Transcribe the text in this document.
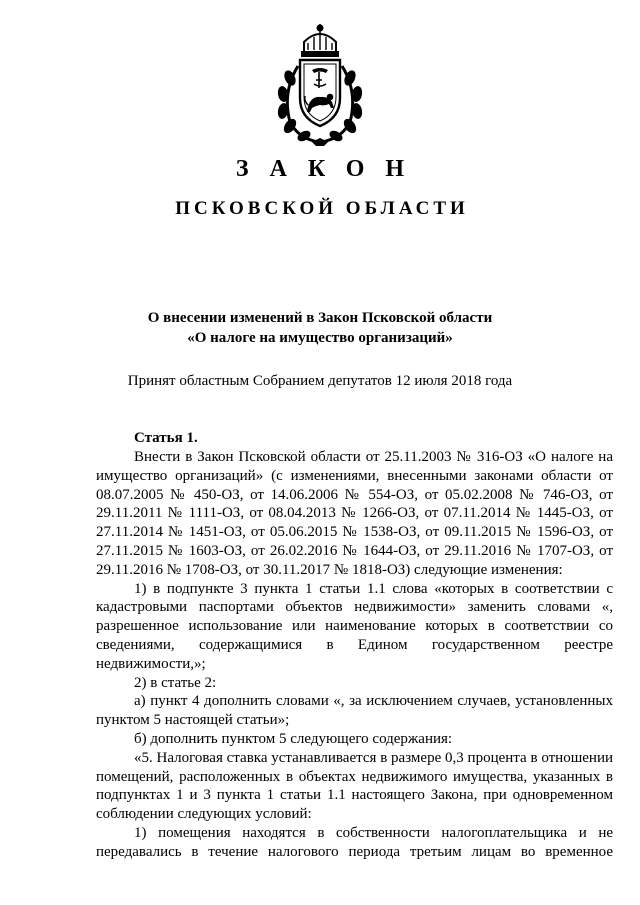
ЗАКОН
ПСКОВСКОЙ ОБЛАСТИ
О внесении изменений в Закон Псковской области
«О налоге на имущество организаций»
Принят областным Собранием депутатов 12 июля 2018 года
Статья 1.

Внести в Закон Псковской области от 25.11.2003 № 316-ОЗ «О налоге на имущество организаций» (с изменениями, внесенными законами области от 08.07.2005 № 450-ОЗ, от 14.06.2006 № 554-ОЗ, от 05.02.2008 № 746-ОЗ, от 29.11.2011 № 1111-ОЗ, от 08.04.2013 № 1266-ОЗ, от 07.11.2014 № 1445-ОЗ, от 27.11.2014 № 1451-ОЗ, от 05.06.2015 № 1538-ОЗ, от 09.11.2015 № 1596-ОЗ, от 27.11.2015 № 1603-ОЗ, от 26.02.2016 № 1644-ОЗ, от 29.11.2016 № 1707-ОЗ, от 29.11.2016 № 1708-ОЗ, от 30.11.2017 № 1818-ОЗ) следующие изменения:

1) в подпункте 3 пункта 1 статьи 1.1 слова «которых в соответствии с кадастровыми паспортами объектов недвижимости» заменить словами «, разрешенное использование или наименование которых в соответствии со сведениями, содержащимися в Едином государственном реестре недвижимости,»;

2) в статье 2:

а) пункт 4 дополнить словами «, за исключением случаев, установленных пунктом 5 настоящей статьи»;

б) дополнить пунктом 5 следующего содержания:

«5. Налоговая ставка устанавливается в размере 0,3 процента в отношении помещений, расположенных в объектах недвижимого имущества, указанных в подпунктах 1 и 3 пункта 1 статьи 1.1 настоящего Закона, при одновременном соблюдении следующих условий:

1) помещения находятся в собственности налогоплательщика и не передавались в течение налогового периода третьим лицам во временное
